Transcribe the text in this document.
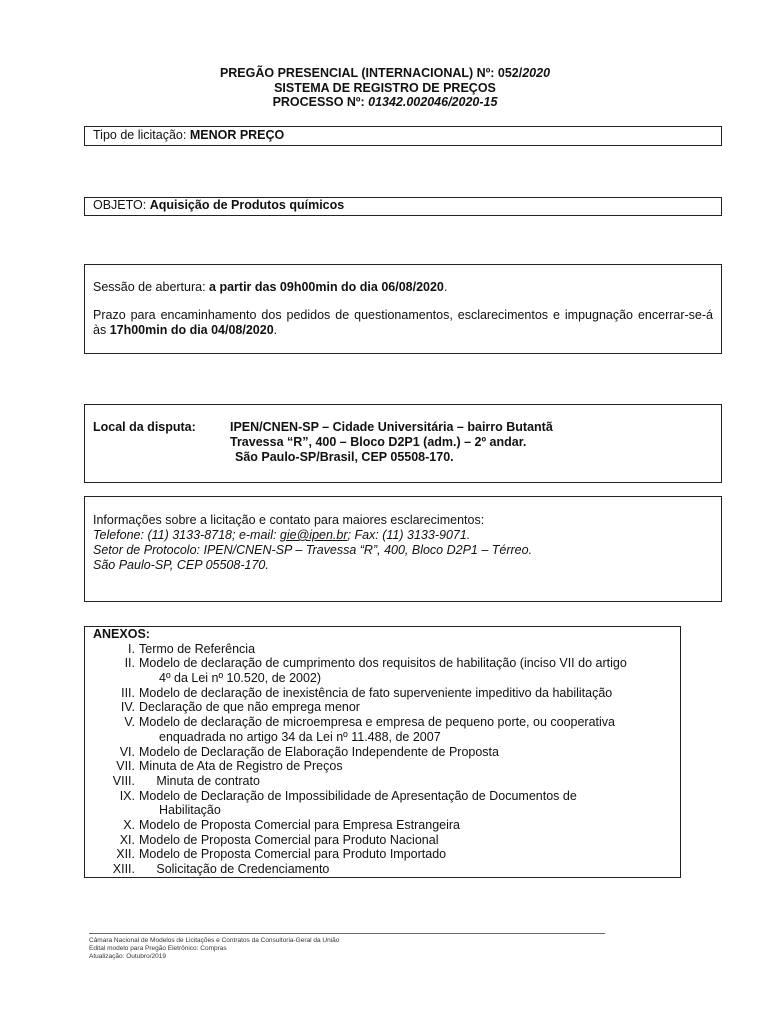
PREGÃO PRESENCIAL (INTERNACIONAL) Nº: 052/2020
SISTEMA DE REGISTRO DE PREÇOS
PROCESSO Nº: 01342.002046/2020-15
Tipo de licitação: MENOR PREÇO
OBJETO: Aquisição de Produtos químicos

Sessão de abertura: a partir das 09h00min do dia 06/08/2020.

Prazo para encaminhamento dos pedidos de questionamentos, esclarecimentos e impugnação encerrar-se-á às 17h00min do dia 04/08/2020.

Local da disputa:	IPEN/CNEN-SP – Cidade Universitária – bairro Butantã
Travessa “R”, 400 – Bloco D2P1 (adm.) – 2º andar.
São Paulo-SP/Brasil, CEP 05508-170.
Informações sobre a licitação e contato para maiores esclarecimentos:
Telefone: (11) 3133-8718; e-mail: gie@ipen.br; Fax: (11) 3133-9071.
Setor de Protocolo: IPEN/CNEN-SP – Travessa “R”, 400, Bloco D2P1 – Térreo.
São Paulo-SP, CEP 05508-170.
ANEXOS:
I. Termo de Referência
II. Modelo de declaração de cumprimento dos requisitos de habilitação (inciso VII do artigo
4º da Lei nº 10.520, de 2002)
III. Modelo de declaração de inexistência de fato superveniente impeditivo da habilitação
IV. Declaração de que não emprega menor
V. Modelo de declaração de microempresa e empresa de pequeno porte, ou cooperativa
enquadrada no artigo 34 da Lei nº 11.488, de 2007
VI. Modelo de Declaração de Elaboração Independente de Proposta
VII. Minuta de Ata de Registro de Preços
VIII. Minuta de contrato
IX. Modelo de Declaração de Impossibilidade de Apresentação de Documentos de
Habilitação
X. Modelo de Proposta Comercial para Empresa Estrangeira
XI. Modelo de Proposta Comercial para Produto Nacional
XII. Modelo de Proposta Comercial para Produto Importado
XIII. Solicitação de Credenciamento
Câmara Nacional de Modelos de Licitações e Contratos da Consultoria-Geral da União
Edital modelo para Pregão Eletrônico: Compras
Atualização: Outubro/2019
